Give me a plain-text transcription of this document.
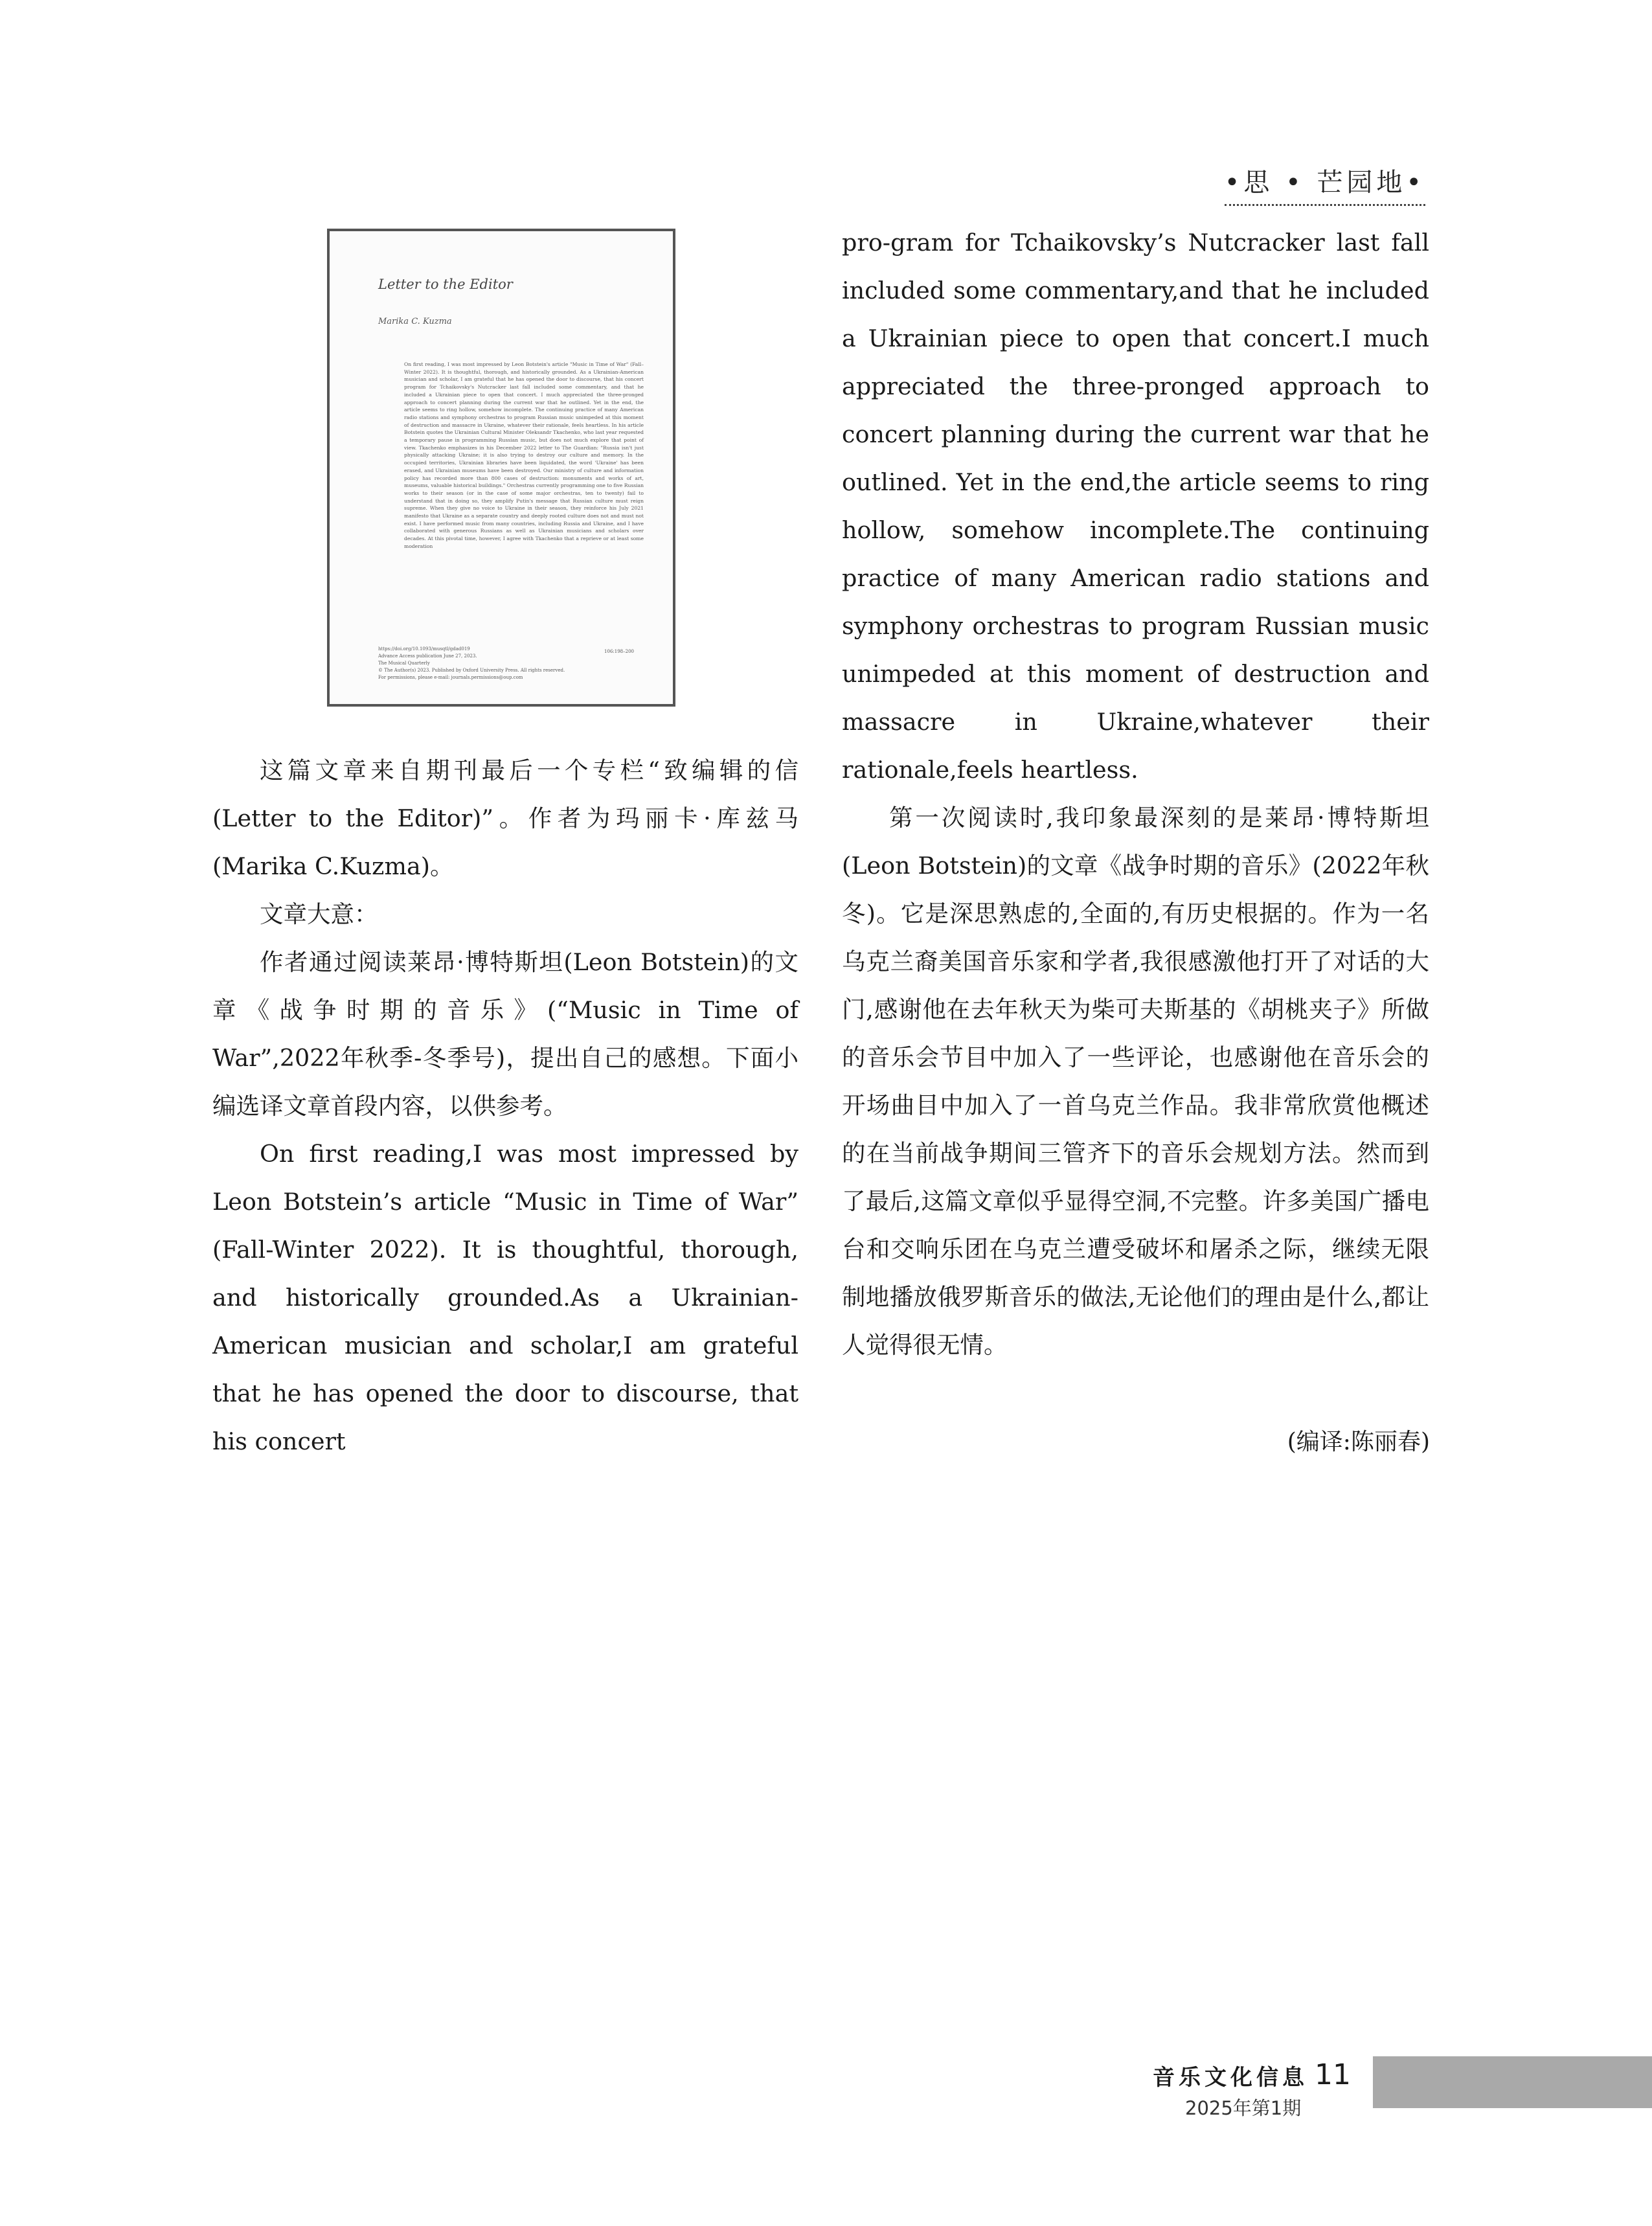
•思 • 芒园地•
Letter to the Editor
Marika C. Kuzma
On first reading, I was most impressed by Leon Botstein's article "Music in Time of War" (Fall–Winter 2022). It is thoughtful, thorough, and historically grounded. As a Ukrainian-American musician and scholar, I am grateful that he has opened the door to discourse, that his concert program for Tchaikovsky's Nutcracker last fall included some commentary, and that he included a Ukrainian piece to open that concert. I much appreciated the three-pronged approach to concert planning during the current war that he outlined. Yet in the end, the article seems to ring hollow, somehow incomplete. The continuing practice of many American radio stations and symphony orchestras to program Russian music unimpeded at this moment of destruction and massacre in Ukraine, whatever their rationale, feels heartless. In his article Botstein quotes the Ukrainian Cultural Minister Oleksandr Tkachenko, who last year requested a temporary pause in programming Russian music, but does not much explore that point of view. Tkachenko emphasizes in his December 2022 letter to The Guardian: "Russia isn't just physically attacking Ukraine; it is also trying to destroy our culture and memory. In the occupied territories, Ukrainian libraries have been liquidated, the word 'Ukraine' has been erased, and Ukrainian museums have been destroyed. Our ministry of culture and information policy has recorded more than 800 cases of destruction: monuments and works of art, museums, valuable historical buildings." Orchestras currently programming one to five Russian works to their season (or in the case of some major orchestras, ten to twenty) fail to understand that in doing so, they amplify Putin's message that Russian culture must reign supreme. When they give no voice to Ukraine in their season, they reinforce his July 2021 manifesto that Ukraine as a separate country and deeply rooted culture does not and must not exist. I have performed music from many countries, including Russia and Ukraine, and I have collaborated with generous Russians as well as Ukrainian musicians and scholars over decades. At this pivotal time, however, I agree with Tkachenko that a reprieve or at least some moderation
https://doi.org/10.1093/musqtl/gdad019
Advance Access publication June 27, 2023.
The Musical Quarterly
© The Author(s) 2023. Published by Oxford University Press. All rights reserved.
For permissions, please e-mail: journals.permissions@oup.com
106:198–200

这篇文章来自期刊最后一个专栏“致编辑的信(Letter to the Editor)”。作者为玛丽卡·库兹马(Marika C.Kuzma)。

文章大意：

作者通过阅读莱昂·博特斯坦(Leon Botstein)的文章《战争时期的音乐》(“Music in Time of War”,2022年秋季-冬季号)，提出自己的感想。下面小编选译文章首段内容，以供参考。

On first reading,I was most impressed by Leon Botstein’s article “Music in Time of War” (Fall-Winter 2022). It is thoughtful, thorough, and historically grounded.As a Ukrainian-American musician and scholar,I am grateful that he has opened the door to discourse, that his concert

pro-gram for Tchaikovsky’s Nutcracker last fall included some commentary,and that he included a Ukrainian piece to open that concert.I much appreciated the three-pronged approach to concert planning during the current war that he outlined. Yet in the end,the article seems to ring hollow, somehow incomplete.The continuing practice of many American radio stations and symphony orchestras to program Russian music unimpeded at this moment of destruction and massacre in Ukraine,whatever their rationale,feels heartless.

第一次阅读时,我印象最深刻的是莱昂·博特斯坦(Leon Botstein)的文章《战争时期的音乐》(2022年秋冬)。它是深思熟虑的,全面的,有历史根据的。作为一名乌克兰裔美国音乐家和学者,我很感激他打开了对话的大门,感谢他在去年秋天为柴可夫斯基的《胡桃夹子》所做的音乐会节目中加入了一些评论，也感谢他在音乐会的开场曲目中加入了一首乌克兰作品。我非常欣赏他概述的在当前战争期间三管齐下的音乐会规划方法。然而到了最后,这篇文章似乎显得空洞,不完整。许多美国广播电台和交响乐团在乌克兰遭受破坏和屠杀之际，继续无限制地播放俄罗斯音乐的做法,无论他们的理由是什么,都让人觉得很无情。

(编译:陈丽春)
音乐文化信息
2025年第1期
11
